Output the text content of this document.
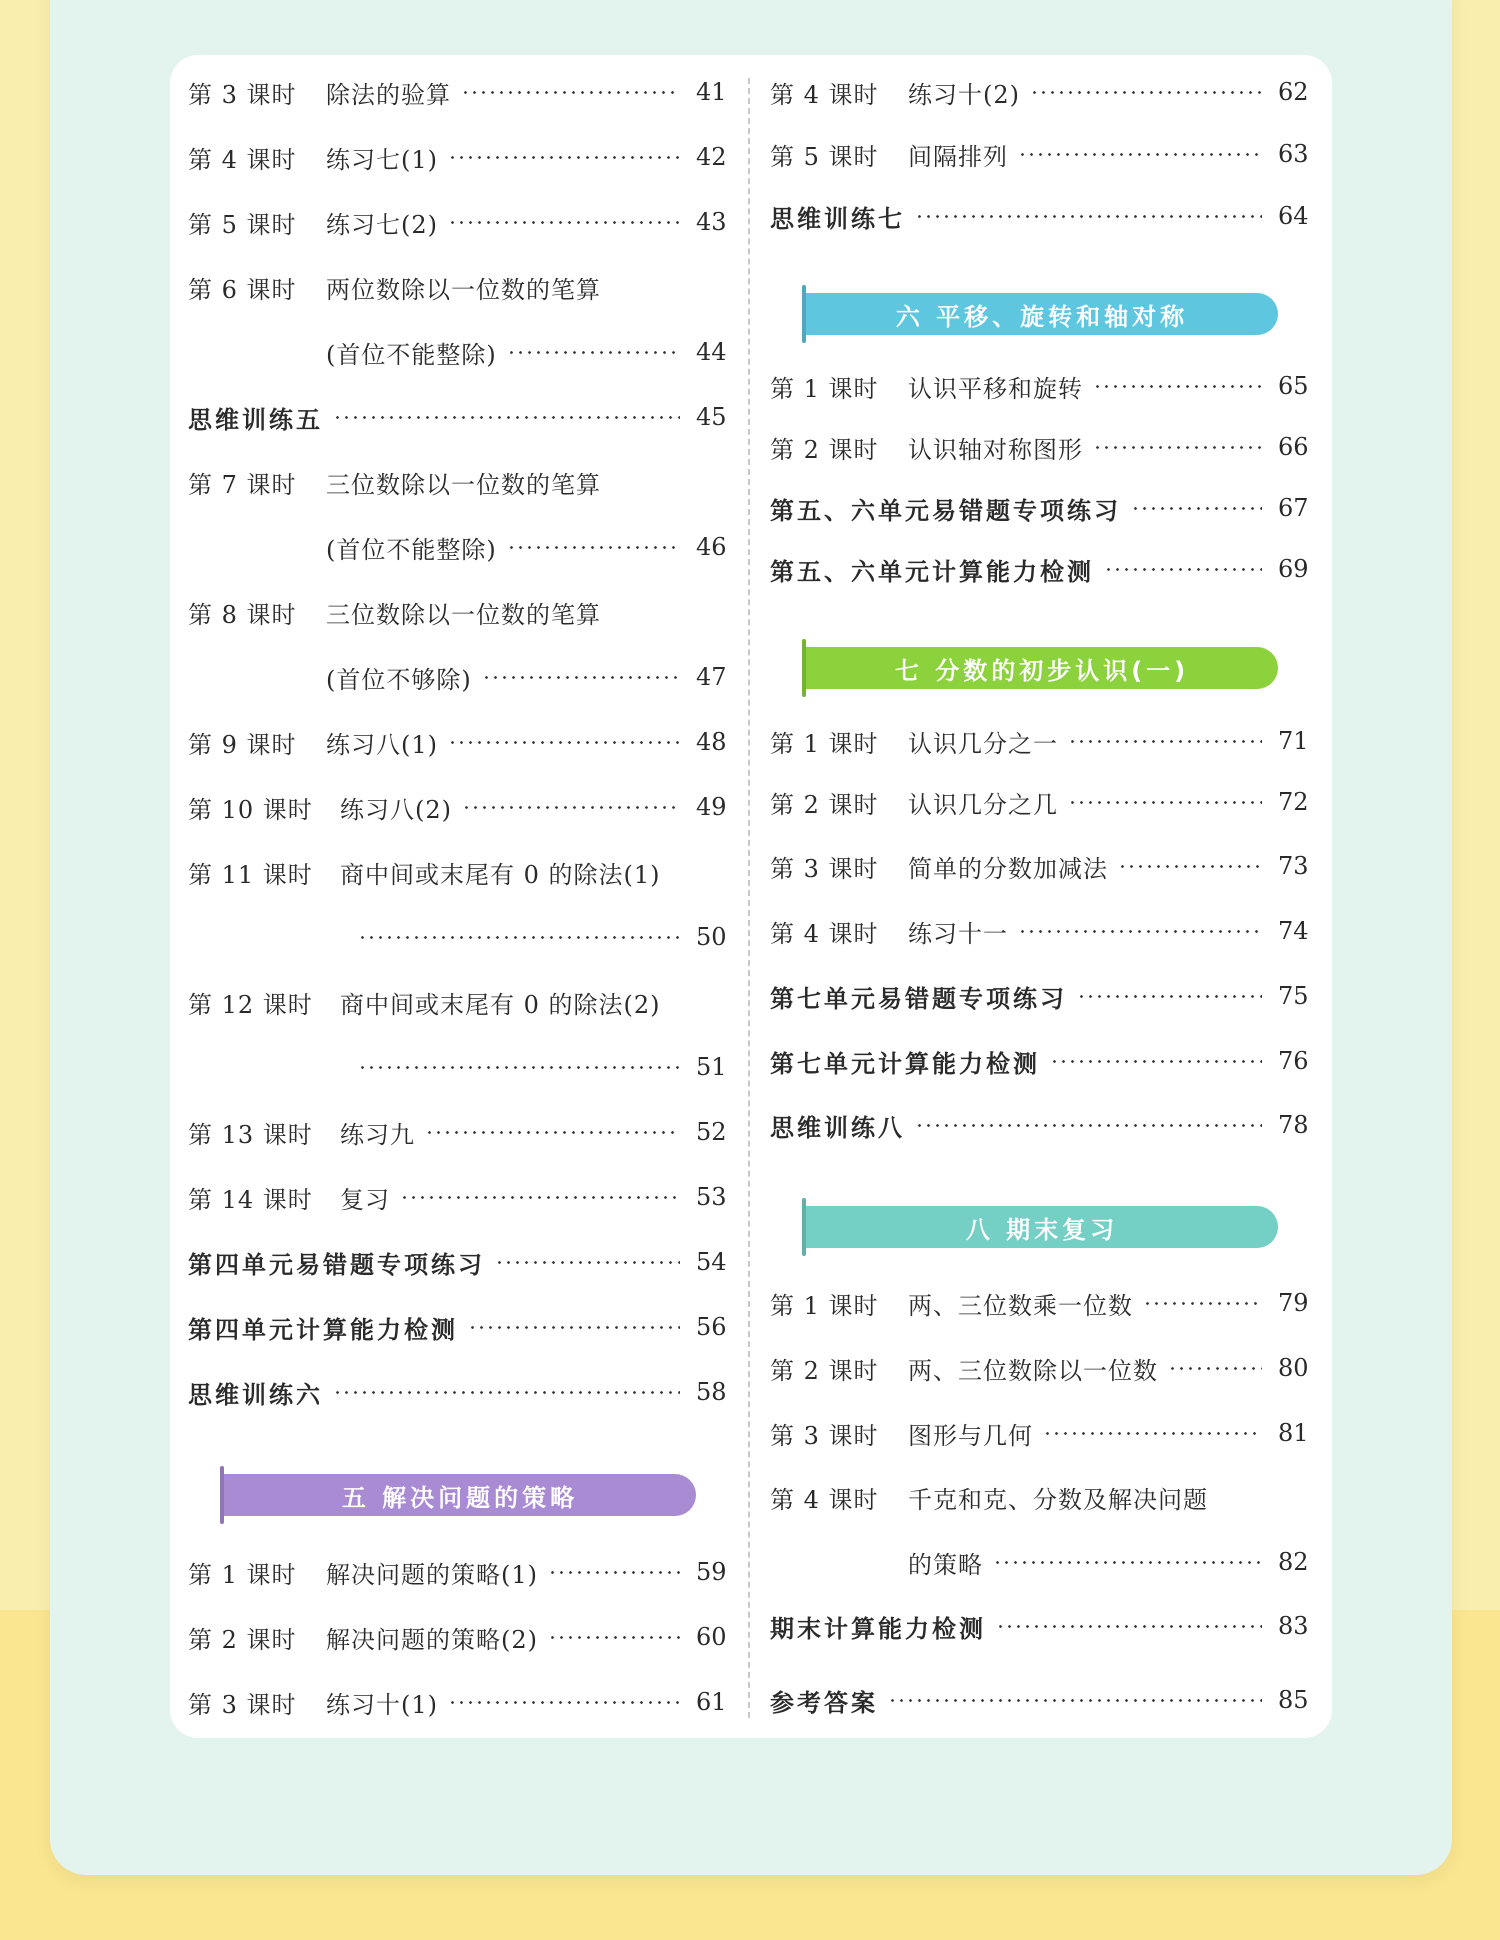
第 3 课时	除法的验算	41
第 4 课时	练习七(1)	42
第 5 课时	练习七(2)	43
第 6 课时	两位数除以一位数的笔算
(首位不能整除)	44
思维训练五	45
第 7 课时	三位数除以一位数的笔算
(首位不能整除)	46
第 8 课时	三位数除以一位数的笔算
(首位不够除)	47
第 9 课时	练习八(1)	48
第 10 课时	练习八(2)	49
第 11 课时	商中间或末尾有 0 的除法(1)
50
第 12 课时	商中间或末尾有 0 的除法(2)
51
第 13 课时	练习九	52
第 14 课时	复习	53
第四单元易错题专项练习	54
第四单元计算能力检测	56
思维训练六	58
五 解决问题的策略
第 1 课时	解决问题的策略(1)	59
第 2 课时	解决问题的策略(2)	60
第 3 课时	练习十(1)	61
第 4 课时	练习十(2)	62
第 5 课时	间隔排列	63
思维训练七	64
六 平移、旋转和轴对称
第 1 课时	认识平移和旋转	65
第 2 课时	认识轴对称图形	66
第五、六单元易错题专项练习	67
第五、六单元计算能力检测	69
七 分数的初步认识(一)
第 1 课时	认识几分之一	71
第 2 课时	认识几分之几	72
第 3 课时	简单的分数加减法	73
第 4 课时	练习十一	74
第七单元易错题专项练习	75
第七单元计算能力检测	76
思维训练八	78
八 期末复习
第 1 课时	两、三位数乘一位数	79
第 2 课时	两、三位数除以一位数	80
第 3 课时	图形与几何	81
第 4 课时	千克和克、分数及解决问题
的策略	82
期末计算能力检测	83
参考答案	85
